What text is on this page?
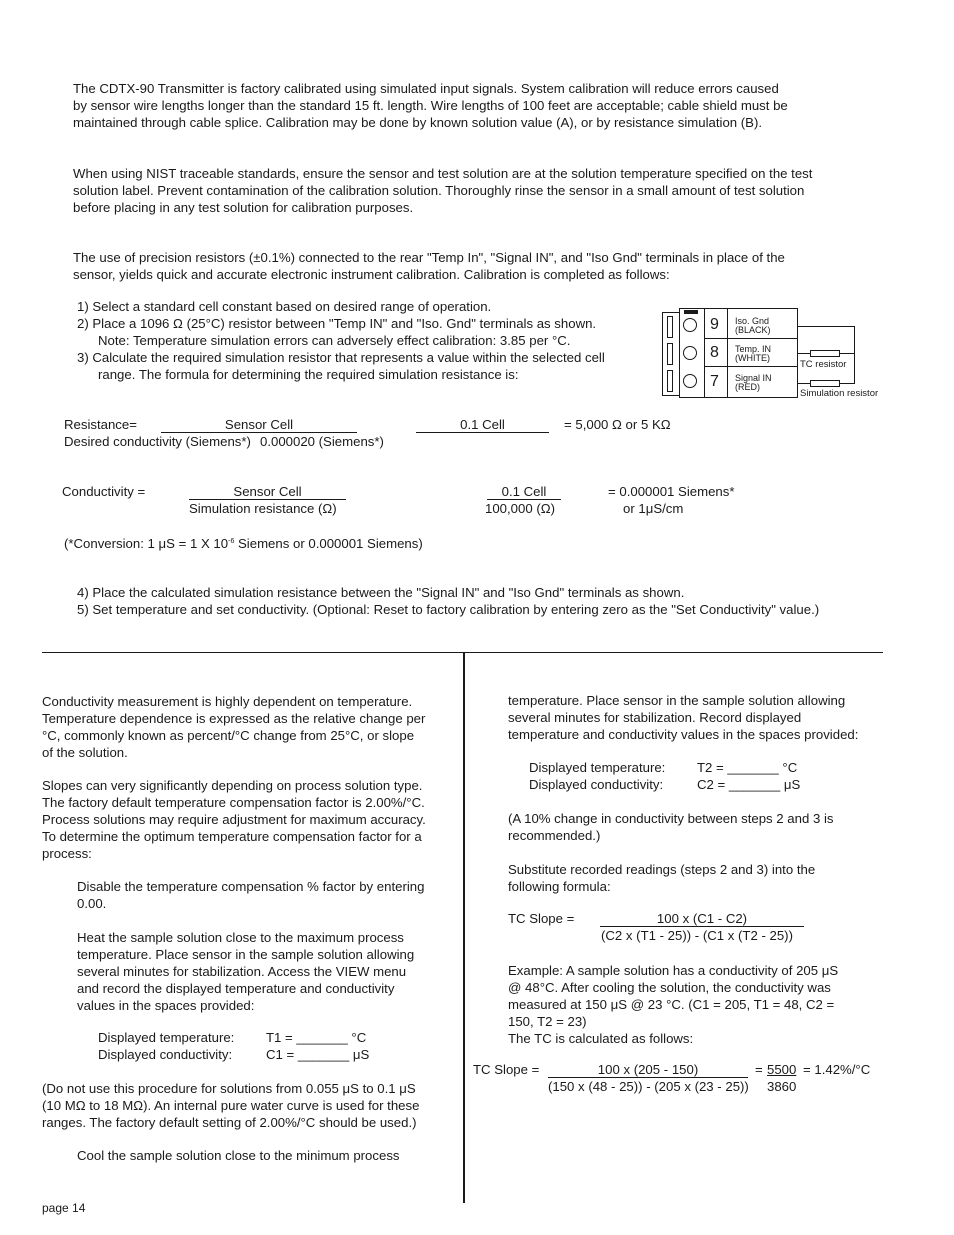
The CDTX-90 Transmitter is factory calibrated using simulated input signals. System calibration will reduce errors caused
by sensor wire lengths longer than the standard 15 ft. length. Wire lengths of 100 feet are acceptable; cable shield must be
maintained through cable splice. Calibration may be done by known solution value (A), or by resistance simulation (B).
When using NIST traceable standards, ensure the sensor and test solution are at the solution temperature specified on the test
solution label. Prevent contamination of the calibration solution. Thoroughly rinse the sensor in a small amount of test solution
before placing in any test solution for calibration purposes.
The use of precision resistors (±0.1%) connected to the rear "Temp In", "Signal IN", and "Iso Gnd" terminals in place of the
sensor, yields quick and accurate electronic instrument calibration. Calibration is completed as follows:
1) Select a standard cell constant based on desired range of operation.
2) Place a 1096 Ω (25°C) resistor between "Temp IN" and "Iso. Gnd" terminals as shown.
Note: Temperature simulation errors can adversely effect calibration: 3.85 per °C.
3) Calculate the required simulation resistor that represents a value within the selected cell
range. The formula for determining the required simulation resistance is:
9
8
7
Iso. Gnd
(BLACK)
Temp. IN
(WHITE)
Signal IN
(RED)
TC resistor
Simulation resistor
Resistance=	Sensor Cell
Desired conductivity (Siemens*)
0.1 Cell
0.000020 (Siemens*)
= 5,000 Ω or 5 KΩ
Conductivity =	Sensor Cell
Simulation resistance (Ω)
0.1 Cell
100,000 (Ω)
= 0.000001 Siemens*
or 1μS/cm
(*Conversion: 1 μS = 1 X $10^{-6}$ Siemens or 0.000001 Siemens)
4) Place the calculated simulation resistance between the "Signal IN" and "Iso Gnd" terminals as shown.
5) Set temperature and set conductivity. (Optional: Reset to factory calibration by entering zero as the "Set Conductivity" value.)
Conductivity measurement is highly dependent on temperature.
Temperature dependence is expressed as the relative change per
°C, commonly known as percent/°C change from 25°C, or slope
of the solution.
Slopes can very significantly depending on process solution type.
The factory default temperature compensation factor is 2.00%/°C.
Process solutions may require adjustment for maximum accuracy.
To determine the optimum temperature compensation factor for a
process:
Disable the temperature compensation % factor by entering
0.00.
Heat the sample solution close to the maximum process
temperature. Place sensor in the sample solution allowing
several minutes for stabilization. Access the VIEW menu
and record the displayed temperature and conductivity
values in the spaces provided:
Displayed temperature: T1 = _______ °C
Displayed conductivity:	C1 = _______ μS
(Do not use this procedure for solutions from 0.055 μS to 0.1 μS
(10 MΩ to 18 MΩ). An internal pure water curve is used for these
ranges. The factory default setting of 2.00%/°C should be used.)
Cool the sample solution close to the minimum process
temperature. Place sensor in the sample solution allowing
several minutes for stabilization. Record displayed
temperature and conductivity values in the spaces provided:
Displayed temperature: T2 = _______ °C
Displayed conductivity:	C2 = _______ μS
(A 10% change in conductivity between steps 2 and 3 is
recommended.)
Substitute recorded readings (steps 2 and 3) into the
following formula:
TC Slope =	100 x (C1 - C2)
(C2 x (T1 - 25)) - (C1 x (T2 - 25))
Example: A sample solution has a conductivity of 205 μS
@ 48°C. After cooling the solution, the conductivity was
measured at 150 μS @ 23 °C. (C1 = 205, T1 = 48, C2 =
150, T2 = 23)
The TC is calculated as follows:
TC Slope =	100 x (205 - 150)
(150 x (48 - 25)) - (205 x (23 - 25))
= 5500
3860
= 1.42%/°C
page 14
